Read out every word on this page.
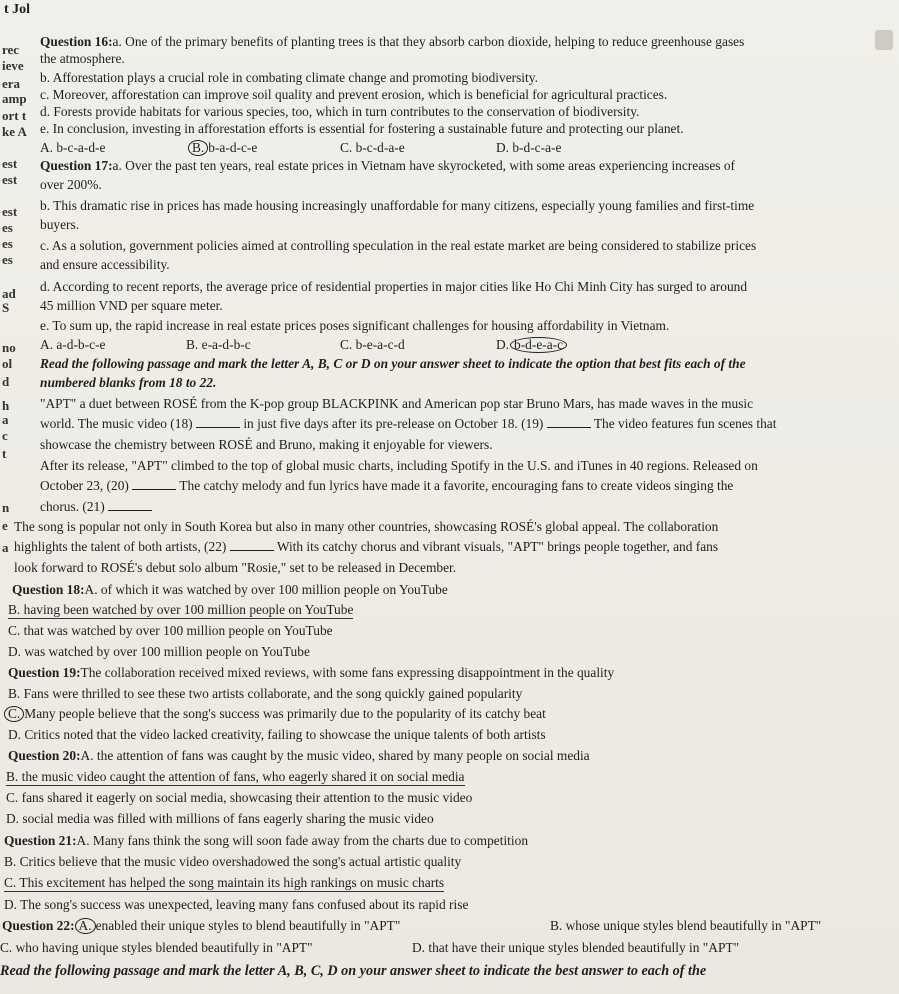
t Jol
rec
ieve
era
amp
ort t
ke A
est
est
est
es
es
es
ad
S
no
ol
d
h
a
c
t
n
e
a
Question 16:a. One of the primary benefits of planting trees is that they absorb carbon dioxide, helping to reduce greenhouse gases
the atmosphere.
b. Afforestation plays a crucial role in combating climate change and promoting biodiversity.
c. Moreover, afforestation can improve soil quality and prevent erosion, which is beneficial for agricultural practices.
d. Forests provide habitats for various species, too, which in turn contributes to the conservation of biodiversity.
e. In conclusion, investing in afforestation efforts is essential for fostering a sustainable future and protecting our planet.
A. b-c-a-d-e	B. b-a-d-c-e	C. b-c-d-a-e	D. b-d-c-a-e
Question 17:a. Over the past ten years, real estate prices in Vietnam have skyrocketed, with some areas experiencing increases of
over 200%.
b. This dramatic rise in prices has made housing increasingly unaffordable for many citizens, especially young families and first-time
buyers.
c. As a solution, government policies aimed at controlling speculation in the real estate market are being considered to stabilize prices
and ensure accessibility.
d. According to recent reports, the average price of residential properties in major cities like Ho Chi Minh City has surged to around
45 million VND per square meter.
e. To sum up, the rapid increase in real estate prices poses significant challenges for housing affordability in Vietnam.
A. a-d-b-c-e	B. e-a-d-b-c	C. b-e-a-c-d	D. b-d-e-a-c
Read the following passage and mark the letter A, B, C or D on your answer sheet to indicate the option that best fits each of the
numbered blanks from 18 to 22.
"APT" a duet between ROSÉ from the K-pop group BLACKPINK and American pop star Bruno Mars, has made waves in the music
world. The music video (18)	in just five days after its pre-release on October 18. (19)	The video features fun scenes that
showcase the chemistry between ROSÉ and Bruno, making it enjoyable for viewers.
After its release, "APT" climbed to the top of global music charts, including Spotify in the U.S. and iTunes in 40 regions. Released on
October 23, (20)	The catchy melody and fun lyrics have made it a favorite, encouraging fans to create videos singing the
chorus. (21)
The song is popular not only in South Korea but also in many other countries, showcasing ROSÉ's global appeal. The collaboration
highlights the talent of both artists, (22)	With its catchy chorus and vibrant visuals, "APT" brings people together, and fans
look forward to ROSÉ's debut solo album "Rosie," set to be released in December.
Question 18:A. of which it was watched by over 100 million people on YouTube
B. having been watched by over 100 million people on YouTube
C. that was watched by over 100 million people on YouTube
D. was watched by over 100 million people on YouTube
Question 19:The collaboration received mixed reviews, with some fans expressing disappointment in the quality
B. Fans were thrilled to see these two artists collaborate, and the song quickly gained popularity
C. Many people believe that the song's success was primarily due to the popularity of its catchy beat
D. Critics noted that the video lacked creativity, failing to showcase the unique talents of both artists
Question 20:A. the attention of fans was caught by the music video, shared by many people on social media
B. the music video caught the attention of fans, who eagerly shared it on social media
C. fans shared it eagerly on social media, showcasing their attention to the music video
D. social media was filled with millions of fans eagerly sharing the music video
Question 21:A. Many fans think the song will soon fade away from the charts due to competition
B. Critics believe that the music video overshadowed the song's actual artistic quality
C. This excitement has helped the song maintain its high rankings on music charts
D. The song's success was unexpected, leaving many fans confused about its rapid rise
Question 22: A. enabled their unique styles to blend beautifully in "APT"	B. whose unique styles blend beautifully in "APT"
C. who having unique styles blended beautifully in "APT"	D. that have their unique styles blended beautifully in "APT"
Read the following passage and mark the letter A, B, C, D on your answer sheet to indicate the best answer to each of the
